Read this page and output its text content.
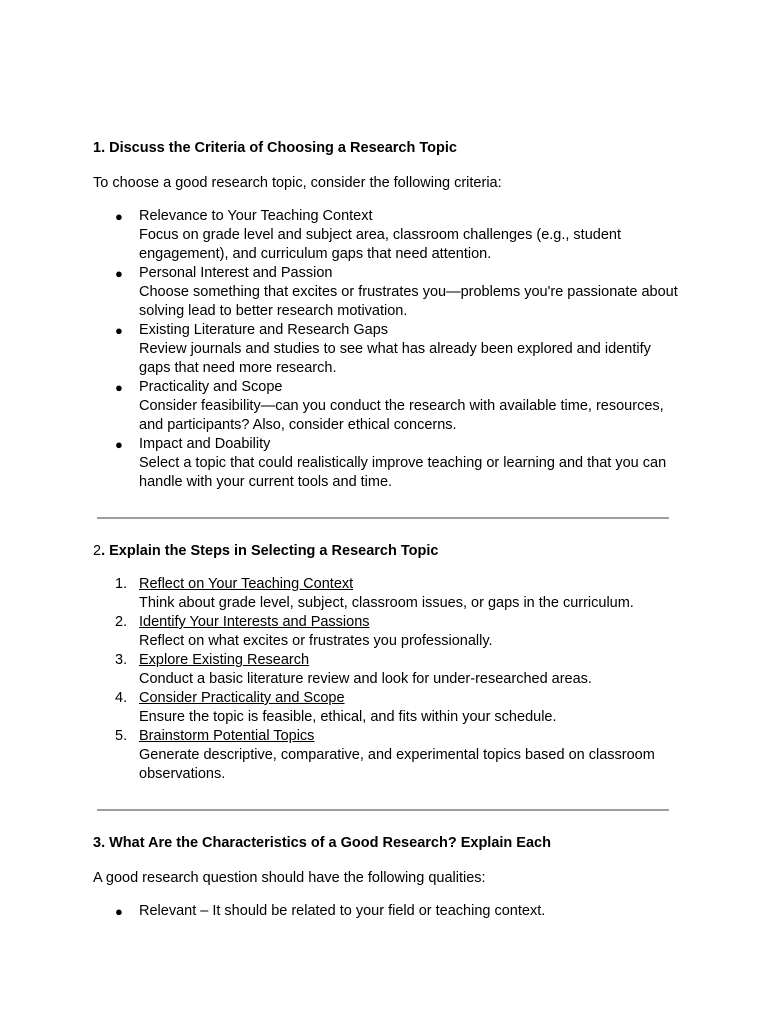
1. Discuss the Criteria of Choosing a Research Topic

To choose a good research topic, consider the following criteria:

● Relevance to Your Teaching Context
Focus on grade level and subject area, classroom challenges (e.g., student engagement), and curriculum gaps that need attention.
● Personal Interest and Passion
Choose something that excites or frustrates you—problems you're passionate about solving lead to better research motivation.
● Existing Literature and Research Gaps
Review journals and studies to see what has already been explored and identify gaps that need more research.
● Practicality and Scope
Consider feasibility—can you conduct the research with available time, resources, and participants? Also, consider ethical concerns.
● Impact and Doability
Select a topic that could realistically improve teaching or learning and that you can handle with your current tools and time.
2. Explain the Steps in Selecting a Research Topic
1. Reflect on Your Teaching Context
Think about grade level, subject, classroom issues, or gaps in the curriculum.
2. Identify Your Interests and Passions
Reflect on what excites or frustrates you professionally.
3. Explore Existing Research
Conduct a basic literature review and look for under-researched areas.
4. Consider Practicality and Scope
Ensure the topic is feasible, ethical, and fits within your schedule.
5. Brainstorm Potential Topics
Generate descriptive, comparative, and experimental topics based on classroom observations.
3. What Are the Characteristics of a Good Research? Explain Each

A good research question should have the following qualities:

● Relevant – It should be related to your field or teaching context.
